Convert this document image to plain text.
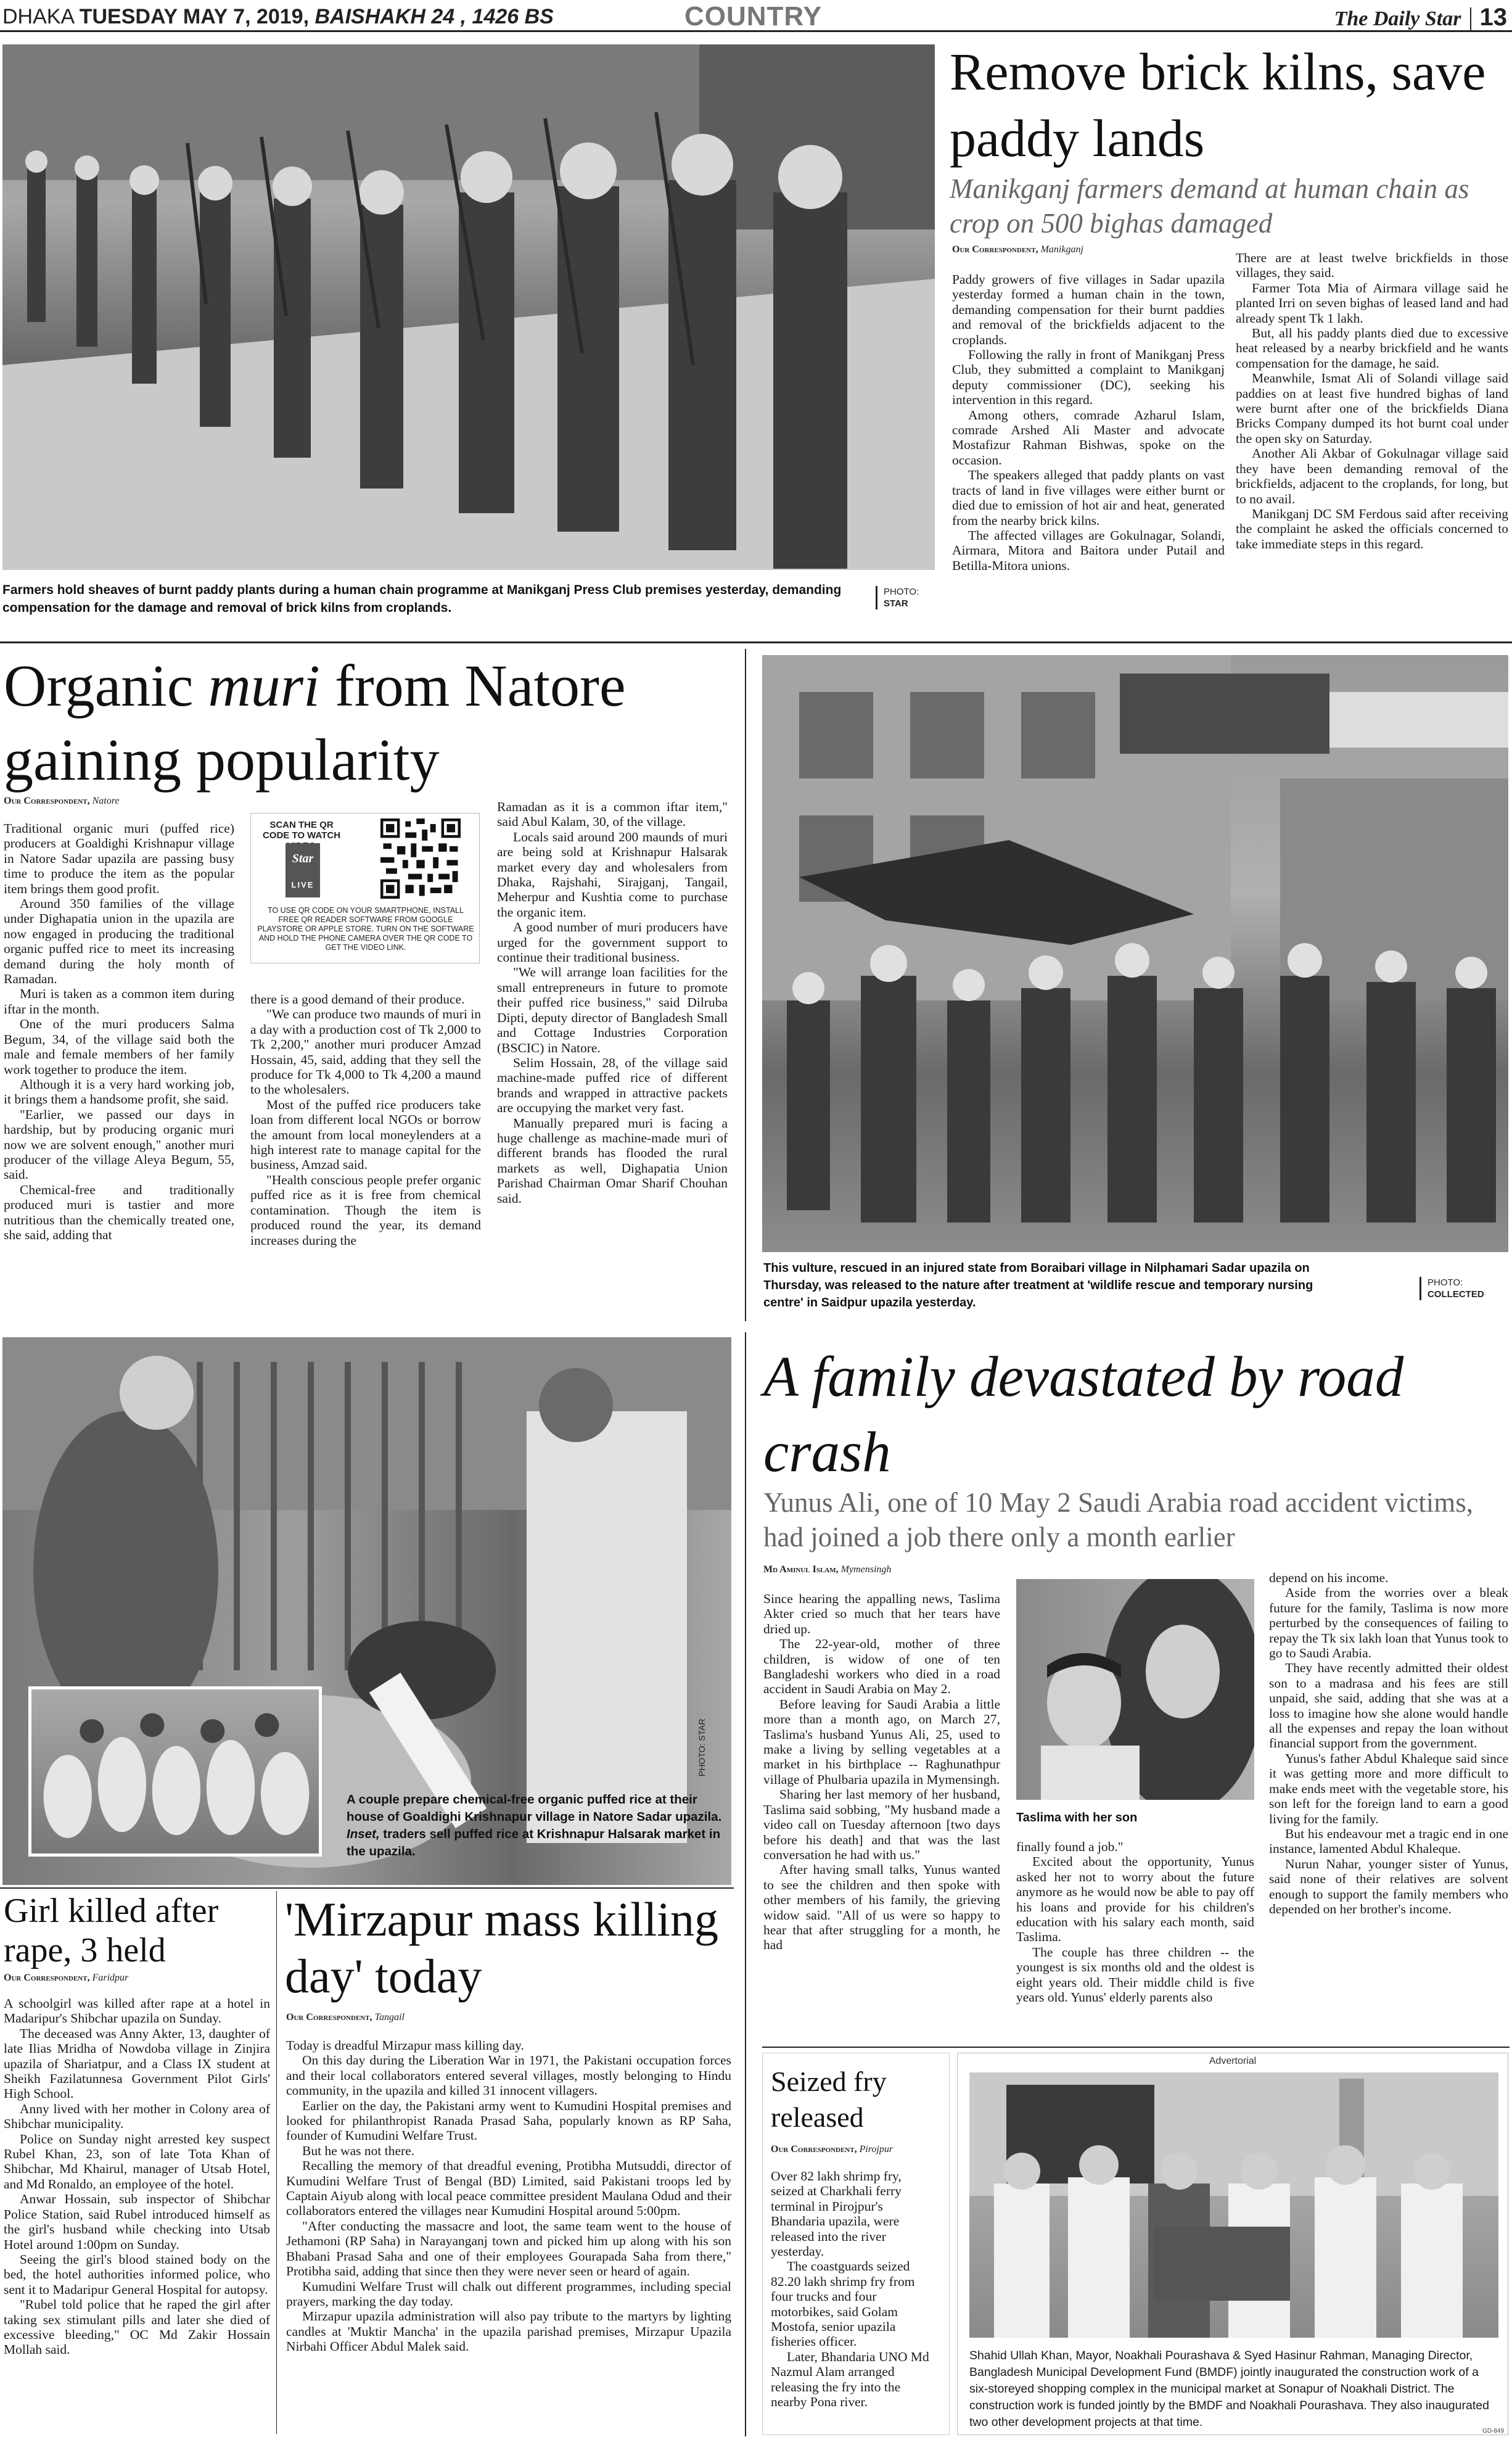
DHAKA TUESDAY MAY 7, 2019, BAISHAKH 24 , 1426 BS	COUNTRY	The Daily Star 13
Farmers hold sheaves of burnt paddy plants during a human chain programme at Manikganj Press Club premises yesterday, demanding compensation for the damage and removal of brick kilns from croplands.
PHOTO:
STAR
Remove brick kilns, save paddy lands
Manikganj farmers demand at human chain as crop on 500 bighas damaged
Our Correspondent, Manikganj

Paddy growers of five villages in Sadar upazila yesterday formed a human chain in the town, demanding compensation for their burnt paddies and removal of the brickfields adjacent to the croplands.

Following the rally in front of Manikganj Press Club, they submitted a complaint to Manikganj deputy commissioner (DC), seeking his intervention in this regard.

Among others, comrade Azharul Islam, comrade Arshed Ali Master and advocate Mostafizur Rahman Bishwas, spoke on the occasion.

The speakers alleged that paddy plants on vast tracts of land in five villages were either burnt or died due to emission of hot air and heat, generated from the nearby brick kilns.

The affected villages are Gokulnagar, Solandi, Airmara, Mitora and Baitora under Putail and Betilla-Mitora unions.

There are at least twelve brickfields in those villages, they said.

Farmer Tota Mia of Airmara village said he planted Irri on seven bighas of leased land and had already spent Tk 1 lakh.

But, all his paddy plants died due to excessive heat released by a nearby brickfield and he wants compensation for the damage, he said.

Meanwhile, Ismat Ali of Solandi village said paddies on at least five hundred bighas of land were burnt after one of the brickfields Diana Bricks Company dumped its hot burnt coal under the open sky on Saturday.

Another Ali Akbar of Gokulnagar village said they have been demanding removal of the brickfields, adjacent to the croplands, for long, but to no avail.

Manikganj DC SM Ferdous said after receiving the complaint he asked the officials concerned to take immediate steps in this regard.

Organic muri from Natore gaining popularity
Our Correspondent, Natore

Traditional organic muri (puffed rice) producers at Goaldighi Krishnapur village in Natore Sadar upazila are passing busy time to produce the item as the popular item brings them good profit.

Around 350 families of the village under Dighapatia union in the upazila are now engaged in producing the traditional organic puffed rice to meet its increasing demand during the holy month of Ramadan.

Muri is taken as a common item during iftar in the month.

One of the muri producers Salma Begum, 34, of the village said both the male and female members of her family work together to produce the item.

Although it is a very hard working job, it brings them a handsome profit, she said.

"Earlier, we passed our days in hardship, but by producing organic muri now we are solvent enough," another muri producer of the village Aleya Begum, 55, said.

Chemical-free and traditionally produced muri is tastier and more nutritious than the chemically treated one, she said, adding that

SCAN THE QR CODE TO WATCH
Star
LIVE
TO USE QR CODE ON YOUR SMARTPHONE, INSTALL FREE QR READER SOFTWARE FROM GOOGLE PLAYSTORE OR APPLE STORE. TURN ON THE SOFTWARE AND HOLD THE PHONE CAMERA OVER THE QR CODE TO GET THE VIDEO LINK.

there is a good demand of their produce.

"We can produce two maunds of muri in a day with a production cost of Tk 2,000 to Tk 2,200," another muri producer Amzad Hossain, 45, said, adding that they sell the produce for Tk 4,000 to Tk 4,200 a maund to the wholesalers.

Most of the puffed rice producers take loan from different local NGOs or borrow the amount from local moneylenders at a high interest rate to manage capital for the business, Amzad said.

"Health conscious people prefer organic puffed rice as it is free from chemical contamination. Though the item is produced round the year, its demand increases during the

Ramadan as it is a common iftar item," said Abul Kalam, 30, of the village.

Locals said around 200 maunds of muri are being sold at Krishnapur Halsarak market every day and wholesalers from Dhaka, Rajshahi, Sirajganj, Tangail, Meherpur and Kushtia come to purchase the organic item.

A good number of muri producers have urged for the government support to continue their traditional business.

"We will arrange loan facilities for the small entrepreneurs in future to promote their puffed rice business," said Dilruba Dipti, deputy director of Bangladesh Small and Cottage Industries Corporation (BSCIC) in Natore.

Selim Hossain, 28, of the village said machine-made puffed rice of different brands and wrapped in attractive packets are occupying the market very fast.

Manually prepared muri is facing a huge challenge as machine-made muri of different brands has flooded the rural markets as well, Dighapatia Union Parishad Chairman Omar Sharif Chouhan said.

This vulture, rescued in an injured state from Boraibari village in Nilphamari Sadar upazila on Thursday, was released to the nature after treatment at 'wildlife rescue and temporary nursing centre' in Saidpur upazila yesterday.
PHOTO:
COLLECTED
A couple prepare chemical-free organic puffed rice at their house of Goaldighi Krishnapur village in Natore Sadar upazila. Inset, traders sell puffed rice at Krishnapur Halsarak market in the upazila.
PHOTO: STAR
A family devastated by road crash
Yunus Ali, one of 10 May 2 Saudi Arabia road accident victims, had joined a job there only a month earlier
Md Aminul Islam, Mymensingh

Since hearing the appalling news, Taslima Akter cried so much that her tears have dried up.

The 22-year-old, mother of three children, is widow of one of ten Bangladeshi workers who died in a road accident in Saudi Arabia on May 2.

Before leaving for Saudi Arabia a little more than a month ago, on March 27, Taslima's husband Yunus Ali, 25, used to make a living by selling vegetables at a market in his birthplace -- Raghunathpur village of Phulbaria upazila in Mymensingh.

Sharing her last memory of her husband, Taslima said sobbing, "My husband made a video call on Tuesday afternoon [two days before his death] and that was the last conversation he had with us."

After having small talks, Yunus wanted to see the children and then spoke with other members of his family, the grieving widow said. "All of us were so happy to hear that after struggling for a month, he had

Taslima with her son

finally found a job."

Excited about the opportunity, Yunus asked her not to worry about the future anymore as he would now be able to pay off his loans and provide for his children's education with his salary each month, said Taslima.

The couple has three children -- the youngest is six months old and the oldest is eight years old. Their middle child is five years old. Yunus' elderly parents also

depend on his income.

Aside from the worries over a bleak future for the family, Taslima is now more perturbed by the consequences of failing to repay the Tk six lakh loan that Yunus took to go to Saudi Arabia.

They have recently admitted their oldest son to a madrasa and his fees are still unpaid, she said, adding that she was at a loss to imagine how she alone would handle all the expenses and repay the loan without financial support from the government.

Yunus's father Abdul Khaleque said since it was getting more and more difficult to make ends meet with the vegetable store, his son left for the foreign land to earn a good living for the family.

But his endeavour met a tragic end in one instance, lamented Abdul Khaleque.

Nurun Nahar, younger sister of Yunus, said none of their relatives are solvent enough to support the family members who depended on her brother's income.

Girl killed after rape, 3 held
Our Correspondent, Faridpur

A schoolgirl was killed after rape at a hotel in Madaripur's Shibchar upazila on Sunday.

The deceased was Anny Akter, 13, daughter of late Ilias Mridha of Nowdoba village in Zinjira upazila of Shariatpur, and a Class IX student at Sheikh Fazilatunnesa Government Pilot Girls' High School.

Anny lived with her mother in Colony area of Shibchar municipality.

Police on Sunday night arrested key suspect Rubel Khan, 23, son of late Tota Khan of Shibchar, Md Khairul, manager of Utsab Hotel, and Md Ronaldo, an employee of the hotel.

Anwar Hossain, sub inspector of Shibchar Police Station, said Rubel introduced himself as the girl's husband while checking into Utsab Hotel around 1:00pm on Sunday.

Seeing the girl's blood stained body on the bed, the hotel authorities informed police, who sent it to Madaripur General Hospital for autopsy.

"Rubel told police that he raped the girl after taking sex stimulant pills and later she died of excessive bleeding," OC Md Zakir Hossain Mollah said.

'Mirzapur mass killing day' today
Our Correspondent, Tangail

Today is dreadful Mirzapur mass killing day.

On this day during the Liberation War in 1971, the Pakistani occupation forces and their local collaborators entered several villages, mostly belonging to Hindu community, in the upazila and killed 31 innocent villagers.

Earlier on the day, the Pakistani army went to Kumudini Hospital premises and looked for philanthropist Ranada Prasad Saha, popularly known as RP Saha, founder of Kumudini Welfare Trust.

But he was not there.

Recalling the memory of that dreadful evening, Protibha Mutsuddi, director of Kumudini Welfare Trust of Bengal (BD) Limited, said Pakistani troops led by Captain Aiyub along with local peace committee president Maulana Odud and their collaborators entered the villages near Kumudini Hospital around 5:00pm.

"After conducting the massacre and loot, the same team went to the house of Jethamoni (RP Saha) in Narayanganj town and picked him up along with his son Bhabani Prasad Saha and one of their employees Gourapada Saha from there," Protibha said, adding that since then they were never seen or heard of again.

Kumudini Welfare Trust will chalk out different programmes, including special prayers, marking the day today.

Mirzapur upazila administration will also pay tribute to the martyrs by lighting candles at 'Muktir Mancha' in the upazila parishad premises, Mirzapur Upazila Nirbahi Officer Abdul Malek said.

Seized fry released
Our Correspondent, Pirojpur

Over 82 lakh shrimp fry, seized at Charkhali ferry terminal in Pirojpur's Bhandaria upazila, were released into the river yesterday.

The coastguards seized 82.20 lakh shrimp fry from four trucks and four motorbikes, said Golam Mostofa, senior upazila fisheries officer.

Later, Bhandaria UNO Md Nazmul Alam arranged releasing the fry into the nearby Pona river.

Advertorial
Shahid Ullah Khan, Mayor, Noakhali Pourashava & Syed Hasinur Rahman, Managing Director, Bangladesh Municipal Development Fund (BMDF) jointly inaugurated the construction work of a six-storeyed shopping complex in the municipal market at Sonapur of Noakhali District. The construction work is funded jointly by the BMDF and Noakhali Pourashava. They also inaugurated two other development projects at that time.
GD-849
